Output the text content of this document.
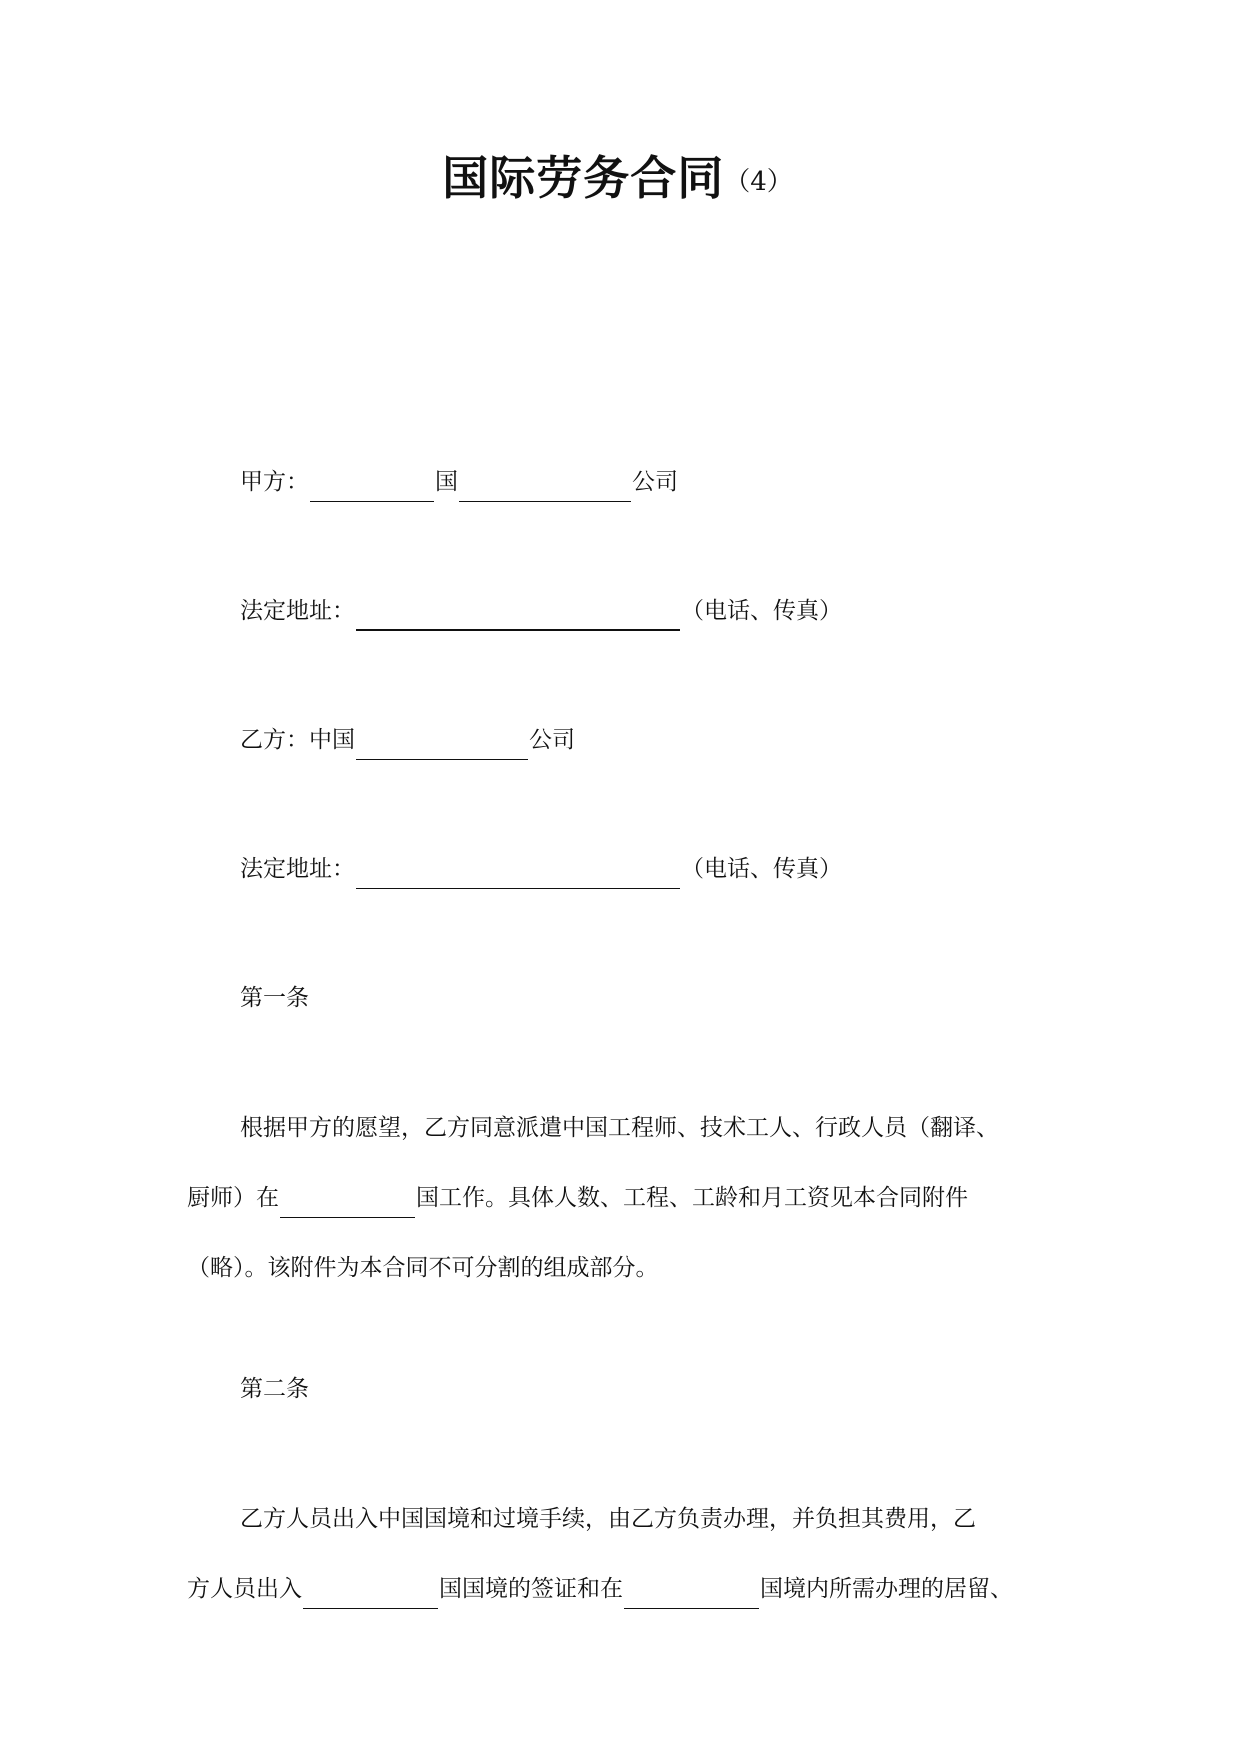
国际劳务合同（4）
甲方：	国	公司
法定地址：	（电话、传真）
乙方：中国	公司
法定地址：	（电话、传真）
第一条
根据甲方的愿望，乙方同意派遣中国工程师、技术工人、行政人员（翻译、
厨师）在	国工作。具体人数、工程、工龄和月工资见本合同附件
（略）。该附件为本合同不可分割的组成部分。
第二条
乙方人员出入中国国境和过境手续，由乙方负责办理，并负担其费用，乙
方人员出入	国国境的签证和在	国境内所需办理的居留、
